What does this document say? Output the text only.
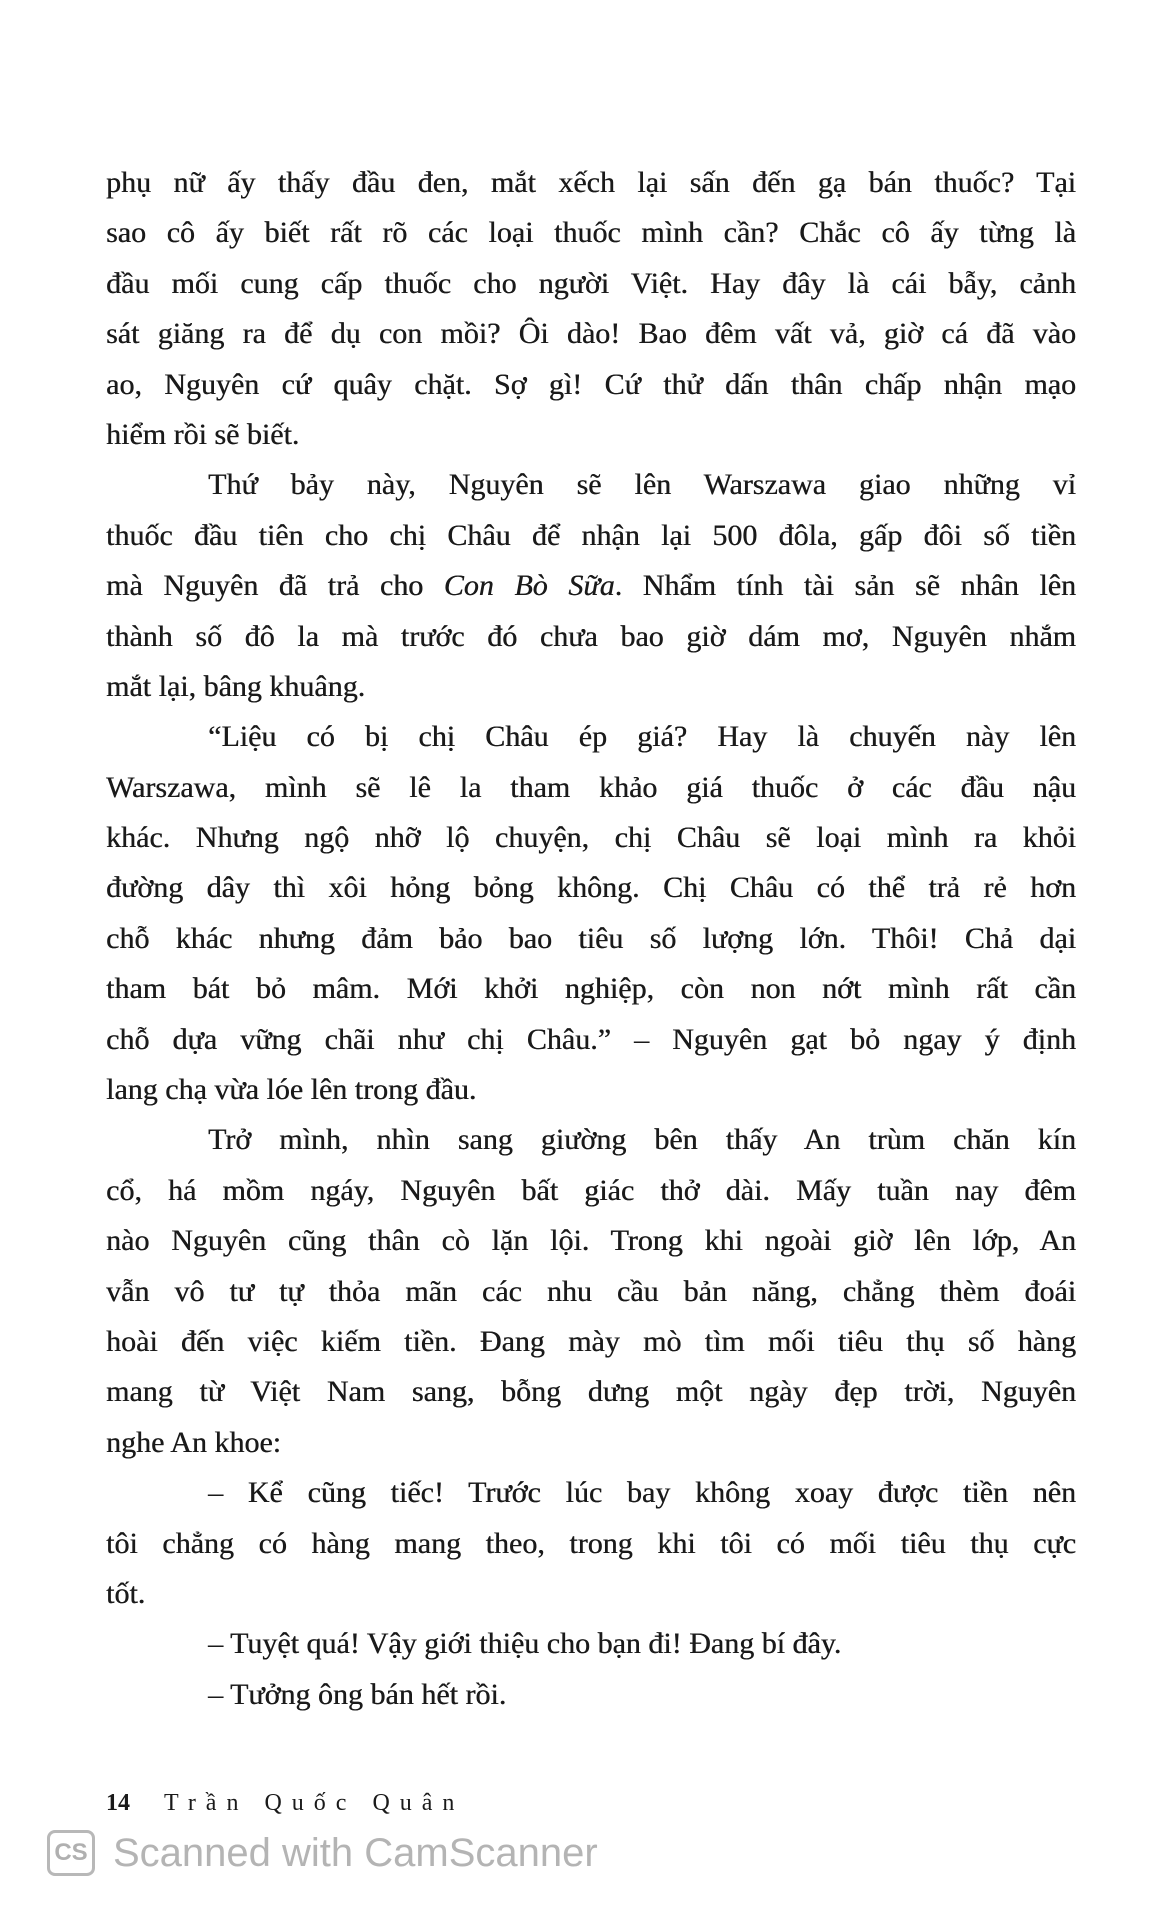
phụ nữ ấy thấy đầu đen, mắt xếch lại sấn đến gạ bán thuốc? Tại
sao cô ấy biết rất rõ các loại thuốc mình cần? Chắc cô ấy từng là
đầu mối cung cấp thuốc cho người Việt. Hay đây là cái bẫy, cảnh
sát giăng ra để dụ con mồi? Ôi dào! Bao đêm vất vả, giờ cá đã vào
ao, Nguyên cứ quây chặt. Sợ gì! Cứ thử dấn thân chấp nhận mạo
hiểm rồi sẽ biết.
Thứ bảy này, Nguyên sẽ lên Warszawa giao những vỉ
thuốc đầu tiên cho chị Châu để nhận lại 500 đôla, gấp đôi số tiền
mà Nguyên đã trả cho Con Bò Sữa. Nhẩm tính tài sản sẽ nhân lên
thành số đô la mà trước đó chưa bao giờ dám mơ, Nguyên nhắm
mắt lại, bâng khuâng.
“Liệu có bị chị Châu ép giá? Hay là chuyến này lên
Warszawa, mình sẽ lê la tham khảo giá thuốc ở các đầu nậu
khác. Nhưng ngộ nhỡ lộ chuyện, chị Châu sẽ loại mình ra khỏi
đường dây thì xôi hỏng bỏng không. Chị Châu có thể trả rẻ hơn
chỗ khác nhưng đảm bảo bao tiêu số lượng lớn. Thôi! Chả dại
tham bát bỏ mâm. Mới khởi nghiệp, còn non nớt mình rất cần
chỗ dựa vững chãi như chị Châu.” – Nguyên gạt bỏ ngay ý định
lang chạ vừa lóe lên trong đầu.
Trở mình, nhìn sang giường bên thấy An trùm chăn kín
cổ, há mồm ngáy, Nguyên bất giác thở dài. Mấy tuần nay đêm
nào Nguyên cũng thân cò lặn lội. Trong khi ngoài giờ lên lớp, An
vẫn vô tư tự thỏa mãn các nhu cầu bản năng, chẳng thèm đoái
hoài đến việc kiếm tiền. Đang mày mò tìm mối tiêu thụ số hàng
mang từ Việt Nam sang, bỗng dưng một ngày đẹp trời, Nguyên
nghe An khoe:
– Kể cũng tiếc! Trước lúc bay không xoay được tiền nên
tôi chẳng có hàng mang theo, trong khi tôi có mối tiêu thụ cực
tốt.
– Tuyệt quá! Vậy giới thiệu cho bạn đi! Đang bí đây.
– Tưởng ông bán hết rồi.
14 Trần Quốc Quân
CS Scanned with CamScanner
